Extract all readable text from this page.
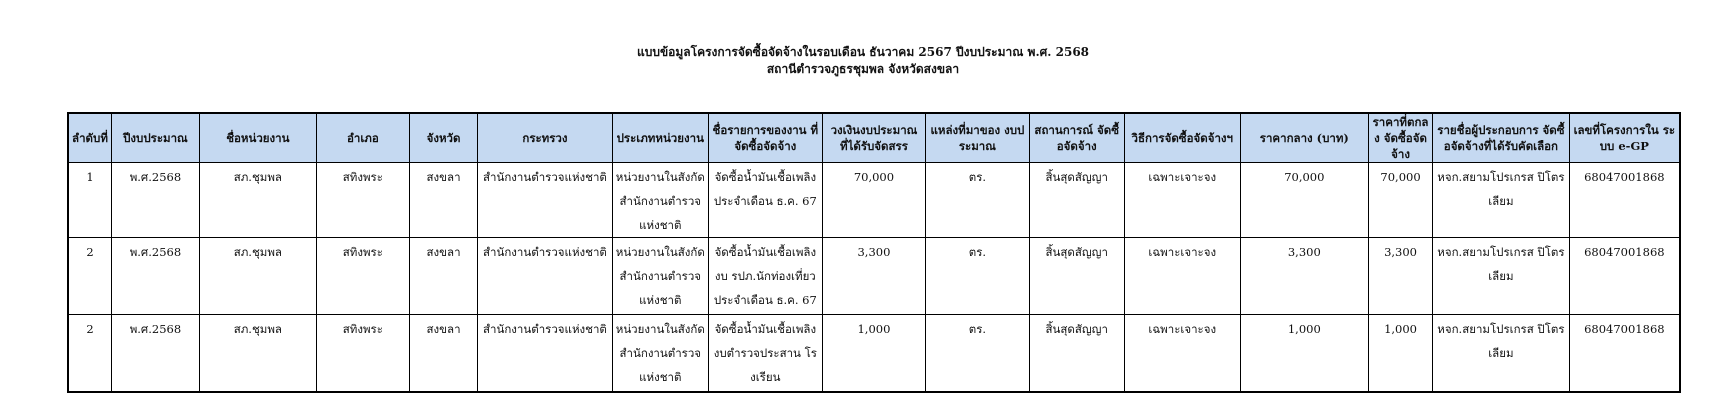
แบบข้อมูลโครงการจัดซื้อจัดจ้างในรอบเดือน ธันวาคม 2567 ปีงบประมาณ พ.ศ. 2568
สถานีตำรวจภูธรชุมพล จังหวัดสงขลา
ลำดับที่	ปีงบประมาณ	ชื่อหน่วยงาน	อำเภอ	จังหวัด	กระทรวง	ประเภทหน่วยงาน	ชื่อรายการของงาน ที่จัดซื้อจัดจ้าง	วงเงินงบประมาณ ที่ได้รับจัดสรร	แหล่งที่มาของ งบประมาณ	สถานการณ์ จัดซื้อจัดจ้าง	วิธีการจัดซื้อจัดจ้างฯ	ราคากลาง (บาท)	ราคาที่ตกลง จัดซื้อจัดจ้าง	รายชื่อผู้ประกอบการ จัดซื้อจัดจ้างที่ได้รับคัดเลือก	เลขที่โครงการใน ระบบ e-GP
1	พ.ศ.2568	สภ.ชุมพล	สทิงพระ	สงขลา	สำนักงานตำรวจแห่งชาติ	หน่วยงานในสังกัด สำนักงานตำรวจ แห่งชาติ	จัดซื้อน้ำมันเชื้อเพลิง ประจำเดือน ธ.ค. 67	70,000	ตร.	สิ้นสุดสัญญา	เฉพาะเจาะจง	70,000	70,000	หจก.สยามโปรเกรส ปิโตรเลียม	68047001868
2	พ.ศ.2568	สภ.ชุมพล	สทิงพระ	สงขลา	สำนักงานตำรวจแห่งชาติ	หน่วยงานในสังกัด สำนักงานตำรวจ แห่งชาติ	จัดซื้อน้ำมันเชื้อเพลิง งบ รปภ.นักท่องเที่ยว ประจำเดือน ธ.ค. 67	3,300	ตร.	สิ้นสุดสัญญา	เฉพาะเจาะจง	3,300	3,300	หจก.สยามโปรเกรส ปิโตรเลียม	68047001868
2	พ.ศ.2568	สภ.ชุมพล	สทิงพระ	สงขลา	สำนักงานตำรวจแห่งชาติ	หน่วยงานในสังกัด สำนักงานตำรวจ แห่งชาติ	จัดซื้อน้ำมันเชื้อเพลิง งบตำรวจประสาน โรงเรียน	1,000	ตร.	สิ้นสุดสัญญา	เฉพาะเจาะจง	1,000	1,000	หจก.สยามโปรเกรส ปิโตรเลียม	68047001868
